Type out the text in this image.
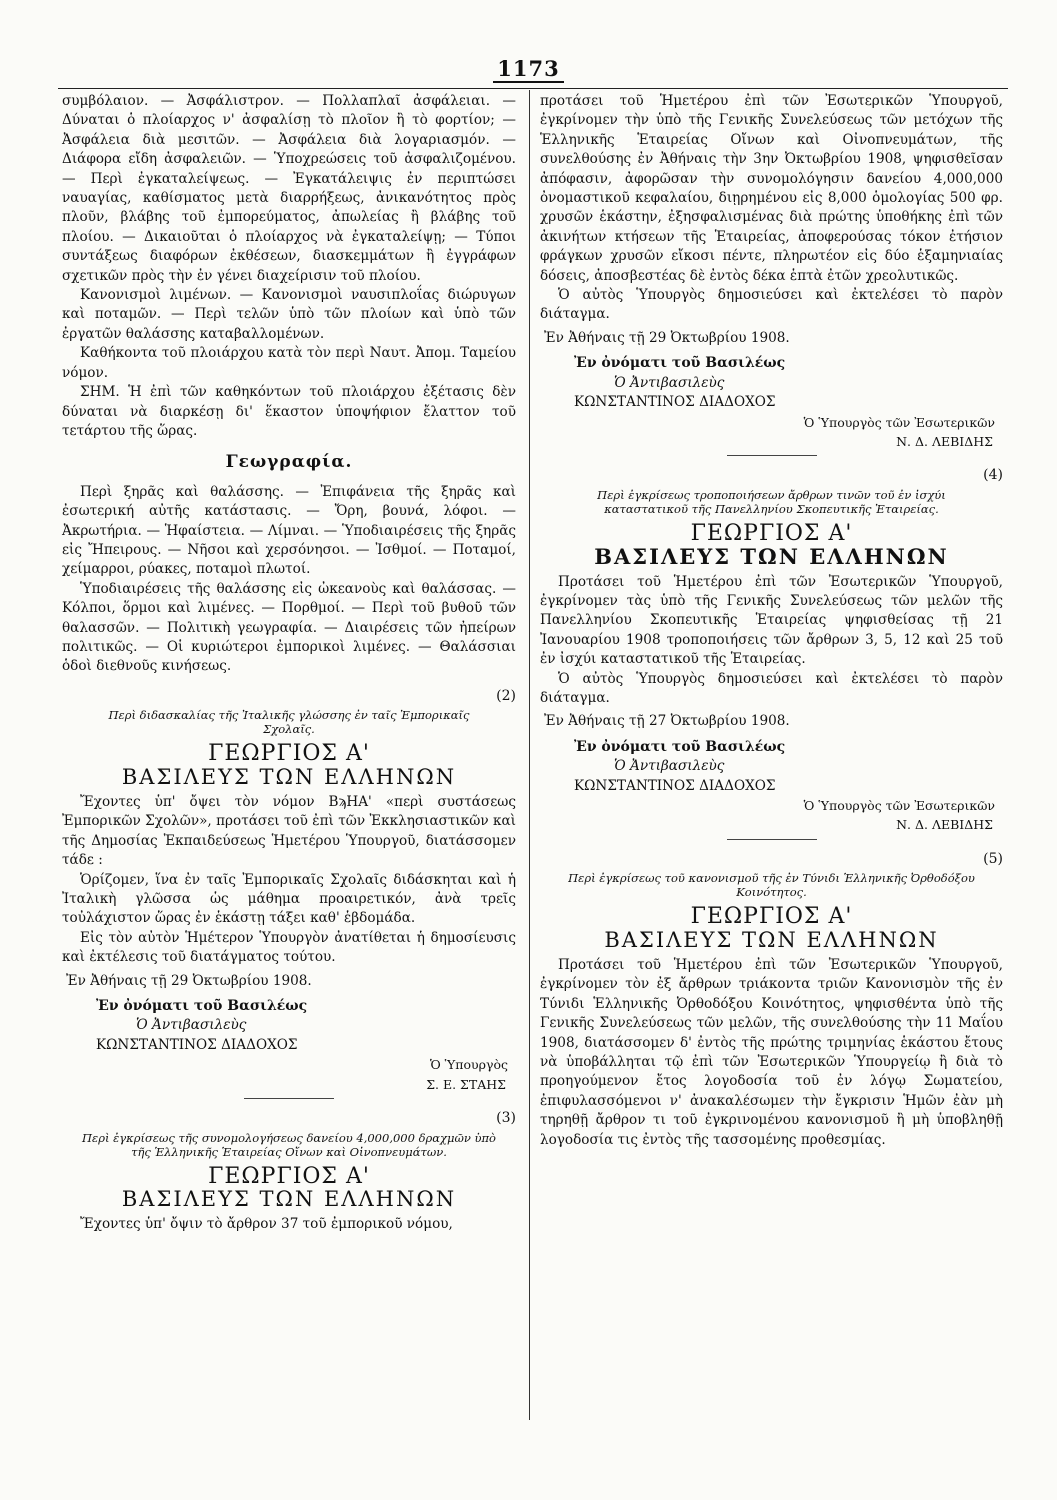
1173

συμβόλαιον. — Ἀσφάλιστρον. — Πολλαπλαῖ ἀσφάλειαι. — Δύναται ὁ πλοίαρχος ν' ἀσφαλίσῃ τὸ πλοῖον ἢ τὸ φορτίον; — Ἀσφάλεια διὰ μεσιτῶν. — Ἀσφάλεια διὰ λογαριασμόν. — Διάφορα εἴδη ἀσφαλειῶν. — Ὑποχρεώσεις τοῦ ἀσφαλιζομένου. — Περὶ ἐγκαταλείψεως. — Ἐγκατάλειψις ἐν περιπτώσει ναυαγίας, καθίσματος μετὰ διαρρήξεως, ἀνικανότητος πρὸς πλοῦν, βλάβης τοῦ ἐμπορεύματος, ἀπωλείας ἢ βλάβης τοῦ πλοίου. — Δικαιοῦται ὁ πλοίαρχος νὰ ἐγκαταλείψῃ; — Τύποι συντάξεως διαφόρων ἐκθέσεων, διασκεμμάτων ἢ ἐγγράφων σχετικῶν πρὸς τὴν ἐν γένει διαχείρισιν τοῦ πλοίου.

Κανονισμοὶ λιμένων. — Κανονισμοὶ ναυσιπλοΐας διώρυγων καὶ ποταμῶν. — Περὶ τελῶν ὑπὸ τῶν πλοίων καὶ ὑπὸ τῶν ἐργατῶν θαλάσσης καταβαλλομένων.

Καθήκοντα τοῦ πλοιάρχου κατὰ τὸν περὶ Ναυτ. Ἀπομ. Ταμείου νόμον.

ΣΗΜ. Ἡ ἐπὶ τῶν καθηκόντων τοῦ πλοιάρχου ἐξέτασις δὲν δύναται νὰ διαρκέσῃ δι' ἕκαστον ὑποψήφιον ἔλαττον τοῦ τετάρτου τῆς ὥρας.

Γεωγραφία.

Περὶ ξηρᾶς καὶ θαλάσσης. — Ἐπιφάνεια τῆς ξηρᾶς καὶ ἐσωτερική αὐτῆς κατάστασις. — Ὄρη, βουνά, λόφοι. — Ἀκρωτήρια. — Ἡφαίστεια. — Λίμναι. — Ὑποδιαιρέσεις τῆς ξηρᾶς εἰς Ἤπειρους. — Νῆσοι καὶ χερσόνησοι. — Ἰσθμοί. — Ποταμοί, χείμαρροι, ρύακες, ποταμοὶ πλωτοί.

Ὑποδιαιρέσεις τῆς θαλάσσης εἰς ὠκεανοὺς καὶ θαλάσσας. — Κόλποι, ὅρμοι καὶ λιμένες. — Πορθμοί. — Περὶ τοῦ βυθοῦ τῶν θαλασσῶν. — Πολιτικὴ γεωγραφία. — Διαιρέσεις τῶν ἠπείρων πολιτικῶς. — Οἱ κυριώτεροι ἐμπορικοὶ λιμένες. — Θαλάσσιαι ὁδοὶ διεθνοῦς κινήσεως.

(2)
Περὶ διδασκαλίας τῆς Ἰταλικῆς γλώσσης ἐν ταῖς Ἐμπορικαῖς Σχολαῖς.
ΓΕΩΡΓΙΟΣ Α'
ΒΑΣΙΛΕΥΣ ΤΩΝ ΕΛΛΗΝΩΝ

Ἔχοντες ὑπ' ὄψει τὸν νόμον ΒϡΗΑ' «περὶ συστάσεως Ἐμπορικῶν Σχολῶν», προτάσει τοῦ ἐπὶ τῶν Ἐκκλησιαστικῶν καὶ τῆς Δημοσίας Ἐκπαιδεύσεως Ἡμετέρου Ὑπουργοῦ, διατάσσομεν τάδε :

Ὁρίζομεν, ἵνα ἐν ταῖς Ἐμπορικαῖς Σχολαῖς διδάσκηται καὶ ἡ Ἰταλικὴ γλῶσσα ὡς μάθημα προαιρετικόν, ἀνὰ τρεῖς τοὐλάχιστον ὥρας ἐν ἑκάστῃ τάξει καθ' ἑβδομάδα.

Εἰς τὸν αὐτὸν Ἡμέτερον Ὑπουργὸν ἀνατίθεται ἡ δημοσίευσις καὶ ἐκτέλεσις τοῦ διατάγματος τούτου.

Ἐν Ἀθήναις τῇ 29 Ὀκτωβρίου 1908.
Ἐν ὀνόματι τοῦ Βασιλέως
Ὁ Ἀντιβασιλεὺς
ΚΩΝΣΤΑΝΤΙΝΟΣ ΔΙΑΔΟΧΟΣ
Ὁ Ὑπουργὸς
Σ. Ε. ΣΤΑΗΣ
(3)
Περὶ ἐγκρίσεως τῆς συνομολογήσεως δανείου 4,000,000 δραχμῶν ὑπὸ τῆς Ἑλληνικῆς Ἑταιρείας Οἴνων καὶ Οἰνοπνευμάτων.
ΓΕΩΡΓΙΟΣ Α'
ΒΑΣΙΛΕΥΣ ΤΩΝ ΕΛΛΗΝΩΝ

Ἔχοντες ὑπ' ὄψιν τὸ ἄρθρον 37 τοῦ ἐμπορικοῦ νόμου,

προτάσει τοῦ Ἡμετέρου ἐπὶ τῶν Ἐσωτερικῶν Ὑπουργοῦ, ἐγκρίνομεν τὴν ὑπὸ τῆς Γενικῆς Συνελεύσεως τῶν μετόχων τῆς Ἑλληνικῆς Ἑταιρείας Οἴνων καὶ Οἰνοπνευμάτων, τῆς συνελθούσης ἐν Ἀθήναις τὴν 3ην Ὀκτωβρίου 1908, ψηφισθεῖσαν ἀπόφασιν, ἀφορῶσαν τὴν συνομολόγησιν δανείου 4,000,000 ὀνομαστικοῦ κεφαλαίου, διῃρημένου εἰς 8,000 ὁμολογίας 500 φρ. χρυσῶν ἑκάστην, ἐξησφαλισμένας διὰ πρώτης ὑποθήκης ἐπὶ τῶν ἀκινήτων κτήσεων τῆς Ἑταιρείας, ἀποφερούσας τόκον ἐτήσιον φράγκων χρυσῶν εἴκοσι πέντε, πληρωτέον εἰς δύο ἑξαμηνιαίας δόσεις, ἀποσβεστέας δὲ ἐντὸς δέκα ἑπτὰ ἐτῶν χρεολυτικῶς.

Ὁ αὐτὸς Ὑπουργὸς δημοσιεύσει καὶ ἐκτελέσει τὸ παρὸν διάταγμα.

Ἐν Ἀθήναις τῇ 29 Ὀκτωβρίου 1908.
Ἐν ὀνόματι τοῦ Βασιλέως
Ὁ Ἀντιβασιλεὺς
ΚΩΝΣΤΑΝΤΙΝΟΣ ΔΙΑΔΟΧΟΣ
Ὁ Ὑπουργὸς τῶν Ἐσωτερικῶν
Ν. Δ. ΛΕΒΙΔΗΣ
(4)
Περὶ ἐγκρίσεως τροποποιήσεων ἄρθρων τινῶν τοῦ ἐν ἰσχύι καταστατικοῦ τῆς Πανελληνίου Σκοπευτικῆς Ἑταιρείας.
ΓΕΩΡΓΙΟΣ Α'
ΒΑΣΙΛΕΥΣ ΤΩΝ ΕΛΛΗΝΩΝ

Προτάσει τοῦ Ἡμετέρου ἐπὶ τῶν Ἐσωτερικῶν Ὑπουργοῦ, ἐγκρίνομεν τὰς ὑπὸ τῆς Γενικῆς Συνελεύσεως τῶν μελῶν τῆς Πανελληνίου Σκοπευτικῆς Ἑταιρείας ψηφισθείσας τῇ 21 Ἰανουαρίου 1908 τροποποιήσεις τῶν ἄρθρων 3, 5, 12 καὶ 25 τοῦ ἐν ἰσχύι καταστατικοῦ τῆς Ἑταιρείας.

Ὁ αὐτὸς Ὑπουργὸς δημοσιεύσει καὶ ἐκτελέσει τὸ παρὸν διάταγμα.

Ἐν Ἀθήναις τῇ 27 Ὀκτωβρίου 1908.
Ἐν ὀνόματι τοῦ Βασιλέως
Ὁ Ἀντιβασιλεὺς
ΚΩΝΣΤΑΝΤΙΝΟΣ ΔΙΑΔΟΧΟΣ
Ὁ Ὑπουργὸς τῶν Ἐσωτερικῶν
Ν. Δ. ΛΕΒΙΔΗΣ
(5)
Περὶ ἐγκρίσεως τοῦ κανονισμοῦ τῆς ἐν Τύνιδι Ἑλληνικῆς Ὀρθοδόξου Κοινότητος.
ΓΕΩΡΓΙΟΣ Α'
ΒΑΣΙΛΕΥΣ ΤΩΝ ΕΛΛΗΝΩΝ

Προτάσει τοῦ Ἡμετέρου ἐπὶ τῶν Ἐσωτερικῶν Ὑπουργοῦ, ἐγκρίνομεν τὸν ἐξ ἄρθρων τριάκοντα τριῶν Κανονισμὸν τῆς ἐν Τύνιδι Ἑλληνικῆς Ὀρθοδόξου Κοινότητος, ψηφισθέντα ὑπὸ τῆς Γενικῆς Συνελεύσεως τῶν μελῶν, τῆς συνελθούσης τὴν 11 Μαΐου 1908, διατάσσομεν δ' ἐντὸς τῆς πρώτης τριμηνίας ἑκάστου ἔτους νὰ ὑποβάλληται τῷ ἐπὶ τῶν Ἐσωτερικῶν Ὑπουργείῳ ἢ διὰ τὸ προηγούμενον ἔτος λογοδοσία τοῦ ἐν λόγῳ Σωματείου, ἐπιφυλασσόμενοι ν' ἀνακαλέσωμεν τὴν ἔγκρισιν Ἡμῶν ἐὰν μὴ τηρηθῇ ἄρθρον τι τοῦ ἐγκρινομένου κανονισμοῦ ἢ μὴ ὑποβληθῇ λογοδοσία τις ἐντὸς τῆς τασσομένης προθεσμίας.
